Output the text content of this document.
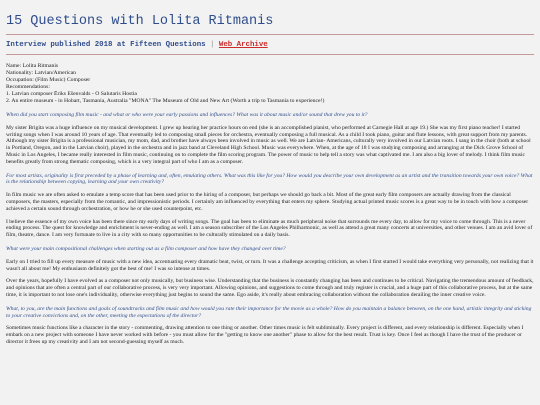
15 Questions with Lolita Ritmanis
Interview published 2018 at Fifteen Questions | Web Archive
Name: Lolita Ritmanis
Nationality: Latvian/American
Occupation: (Film Music) Composer
Recommendations:
1. Latvian composer Ēriks Ešenvalds - O Salutaris Hostia
2. An entire museum - in Hobart, Tasmania, Australia "MONA" The Museum of Old and New Art (Worth a trip to Tasmania to experience!)

When did you start composing film music - and what or who were your early passions and influences? What was it about music and/or sound that drew you to it?

My sister Brigita was a huge influence on my musical development. I grew up hearing her practice hours on end (she is an accomplished pianist, who performed at Carnegie Hall at age 19.) She was my first piano teacher! I started writing songs when I was around 10 years of age. That eventually led to composing small pieces for orchestra, eventually composing a full musical. As a child I took piano, guitar and flute lessons, with great support from my parents. Although my sister Brigita is a professional musician, my mom, dad, and brother have always been involved in music as well. We are Latvian- Americans, culturally very involved in our Latvian roots. I sang in the choir (both at school in Portland, Oregon, and in the Latvian choir), played in the orchestra and in jazz band at Cleveland High School. Music was everywhere. When, at the age of 18 I was studying composing and arranging at the Dick Grove School of Music in Los Angeles, I became really interested in film music, continuing on to complete the film scoring program. The power of music to help tell a story was what captivated me. I am also a big lover of melody. I think film music benefits greatly from strong thematic composing, which is a very integral part of who I am as a composer.

For most artists, originality is first preceded by a phase of learning and, often, emulating others. What was this like for you? How would you describe your own development as an artist and the transition towards your own voice? What is the relationship between copying, learning and your own creativity?

In film music we are often asked to emulate a temp score that has been used prior to the hiring of a composer, but perhaps we should go back a bit. Most of the great early film composers are actually drawing from the classical composers, the masters, especially from the romantic, and impressionistic periods. I certainly am influenced by everything that enters my sphere. Studying actual printed music scores is a great way to be in touch with how a composer achieved a certain sound through orchestration, or how he or she used counterpoint, etc.

I believe the essence of my own voice has been there since my early days of writing songs. The goal has been to eliminate as much peripheral noise that surrounds me every day, to allow for my voice to come through. This is a never ending process. The quest for knowledge and enrichment is never-ending as well. I am a season subscriber of the Los Angeles Philharmonic, as well as attend a great many concerts at universities, and other venues. I am an avid lover of film, theatre, dance. I am very fortunate to live in a city with so many opportunities to be culturally stimulated on a daily basis.

What were your main compositional challenges when starting out as a film composer and how have they changed over time?

Early on I tried to fill up every measure of music with a new idea, accentuating every dramatic beat, twist, or turn. It was a challenge accepting criticism, as when I first started I would take everything very personally, not realizing that it wasn't all about me! My enthusiasm definitely got the best of me! I was so intense at times.

Over the years, hopefully I have evolved as a composer not only musically, but business wise. Understanding that the business is constantly changing has been and continues to be critical. Navigating the tremendous amount of feedback, and opinions that are often a central part of our collaborative process, is very very important. Allowing opinions, and suggestions to come through and truly register is crucial, and a huge part of this collaborative process, but at the same time, it is important to not lose one's individuality, otherwise everything just begins to sound the same. Ego aside, it's really about embracing collaboration without the collaboration derailing the inner creative voice.

What, to you, are the main functions and goals of soundtracks and film music and how would you rate their importance for the movie as a whole? How do you maintain a balance between, on the one hand, artistic integrity and sticking to your creative convictions and, on the other, meeting the expectations of the director?

Sometimes music functions like a character in the story - commenting, drawing attention to one thing or another. Other times music is felt subliminally. Every project is different, and every relationship is different. Especially when I embark on a new project with someone I have never worked with before - you must allow for the "getting to know one another" phase to allow for the best result. Trust is key. Once I feel as though I have the trust of the producer or director it frees up my creativity and I am not second-guessing myself as much.
